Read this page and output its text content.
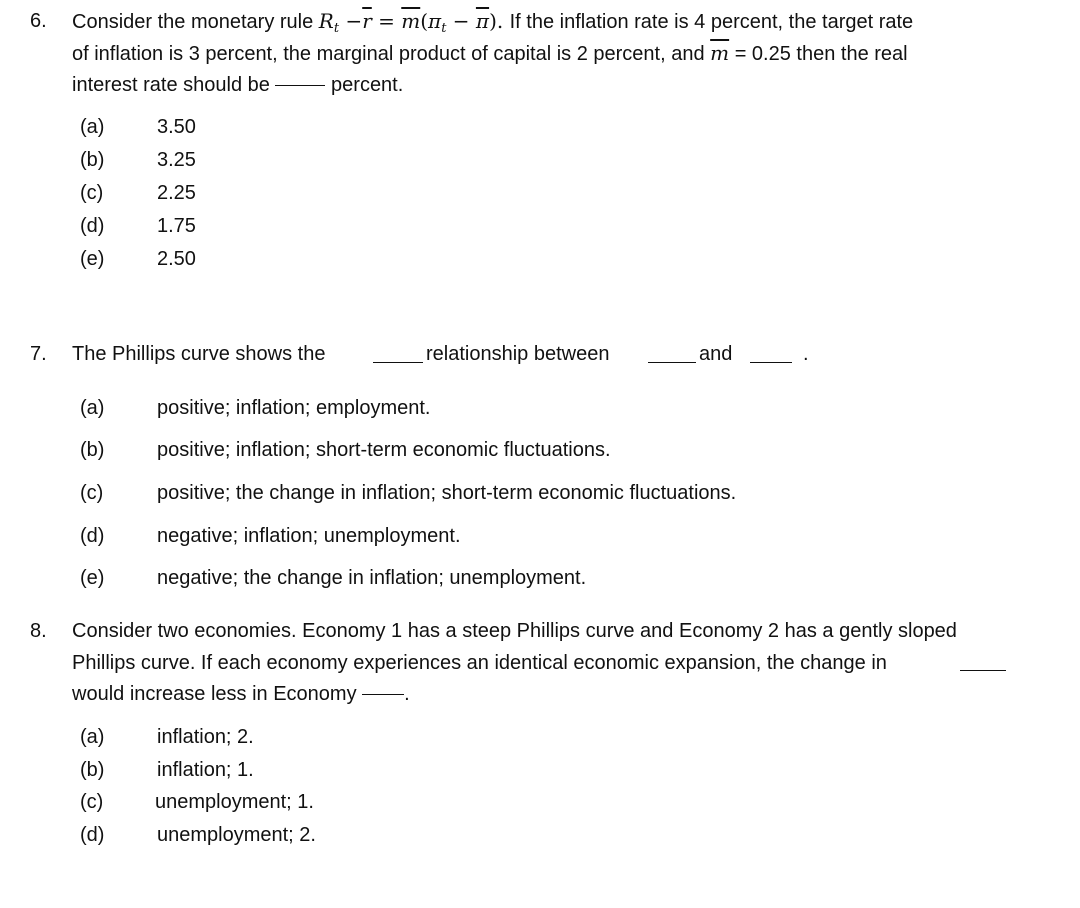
6. Consider the monetary rule $R_t -\overline{r} = \overline{m}(\pi_t - \overline{\pi})$. If the inflation rate is 4 percent, the target rate
of inflation is 3 percent, the marginal product of capital is 2 percent, and $\overline{m} = 0.25$ then the real
interest rate should be	percent.
(a)	3.50
(b)	3.25
(c)	2.25
(d)	1.75
(e)	2.50
7. The Phillips curve shows the	relationship between	and	.
(a)	positive; inflation; employment.
(b)	positive; inflation; short-term economic fluctuations.
(c)	positive; the change in inflation; short-term economic fluctuations.
(d)	negative; inflation; unemployment.
(e)	negative; the change in inflation; unemployment.
8. Consider two economies. Economy 1 has a steep Phillips curve and Economy 2 has a gently sloped
Phillips curve. If each economy experiences an identical economic expansion, the change in
would increase less in Economy .
(a)	inflation; 2.
(b)	inflation; 1.
(c)	unemployment; 1.
(d)	unemployment; 2.
